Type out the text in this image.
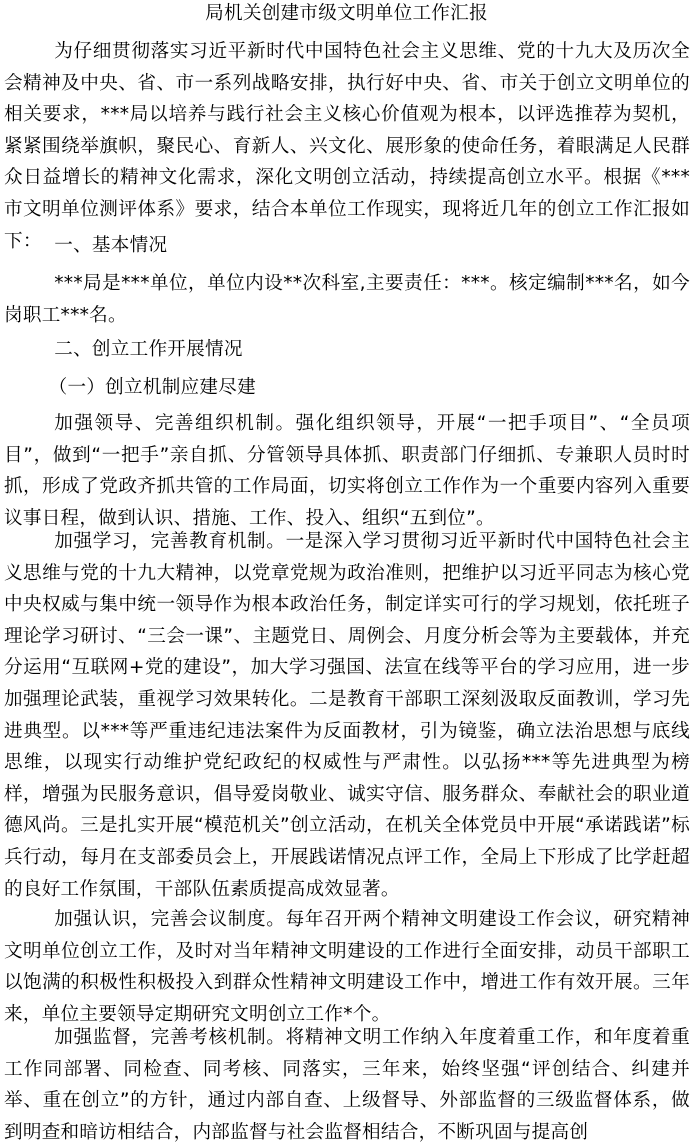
局机关创建市级文明单位工作汇报

为仔细贯彻落实习近平新时代中国特色社会主义思维、党的十九大及历次全会精神及中央、省、市一系列战略安排，执行好中央、省、市关于创立文明单位的相关要求，***局以培养与践行社会主义核心价值观为根本，以评选推荐为契机，紧紧围绕举旗帜，聚民心、育新人、兴文化、展形象的使命任务，着眼满足人民群众日益增长的精神文化需求，深化文明创立活动，持续提高创立水平。根据《***市文明单位测评体系》要求，结合本单位工作现实，现将近几年的创立工作汇报如下： 一、基本情况

***局是***单位，单位内设**次科室,主要责任：***。核定编制***名，如今岗职工***名。

二、创立工作开展情况
（一）创立机制应建尽建

加强领导、完善组织机制。强化组织领导，开展“一把手项目”、“全员项目”，做到“一把手”亲自抓、分管领导具体抓、职责部门仔细抓、专兼职人员时时抓，形成了党政齐抓共管的工作局面，切实将创立工作作为一个重要内容列入重要议事日程，做到认识、措施、工作、投入、组织“五到位”。

加强学习，完善教育机制。一是深入学习贯彻习近平新时代中国特色社会主义思维与党的十九大精神，以党章党规为政治准则，把维护以习近平同志为核心党中央权威与集中统一领导作为根本政治任务，制定详实可行的学习规划，依托班子理论学习研讨、“三会一课”、主题党日、周例会、月度分析会等为主要载体，并充分运用“互联网+党的建设”，加大学习强国、法宣在线等平台的学习应用，进一步加强理论武装，重视学习效果转化。二是教育干部职工深刻汲取反面教训，学习先进典型。以***等严重违纪违法案件为反面教材，引为镜鉴，确立法治思想与底线思维，以现实行动维护党纪政纪的权威性与严肃性。以弘扬***等先进典型为榜样，增强为民服务意识，倡导爱岗敬业、诚实守信、服务群众、奉献社会的职业道德风尚。三是扎实开展“模范机关”创立活动，在机关全体党员中开展“承诺践诺”标兵行动，每月在支部委员会上，开展践诺情况点评工作，全局上下形成了比学赶超的良好工作氛围，干部队伍素质提高成效显著。

加强认识，完善会议制度。每年召开两个精神文明建设工作会议，研究精神文明单位创立工作，及时对当年精神文明建设的工作进行全面安排，动员干部职工以饱满的积极性积极投入到群众性精神文明建设工作中，增进工作有效开展。三年来，单位主要领导定期研究文明创立工作*个。

加强监督，完善考核机制。将精神文明工作纳入年度着重工作，和年度着重工作同部署、同检查、同考核、同落实，三年来，始终坚强“评创结合、纠建并举、重在创立”的方针，通过内部自查、上级督导、外部监督的三级监督体系，做到明查和暗访相结合，内部监督与社会监督相结合，不断巩固与提高创
